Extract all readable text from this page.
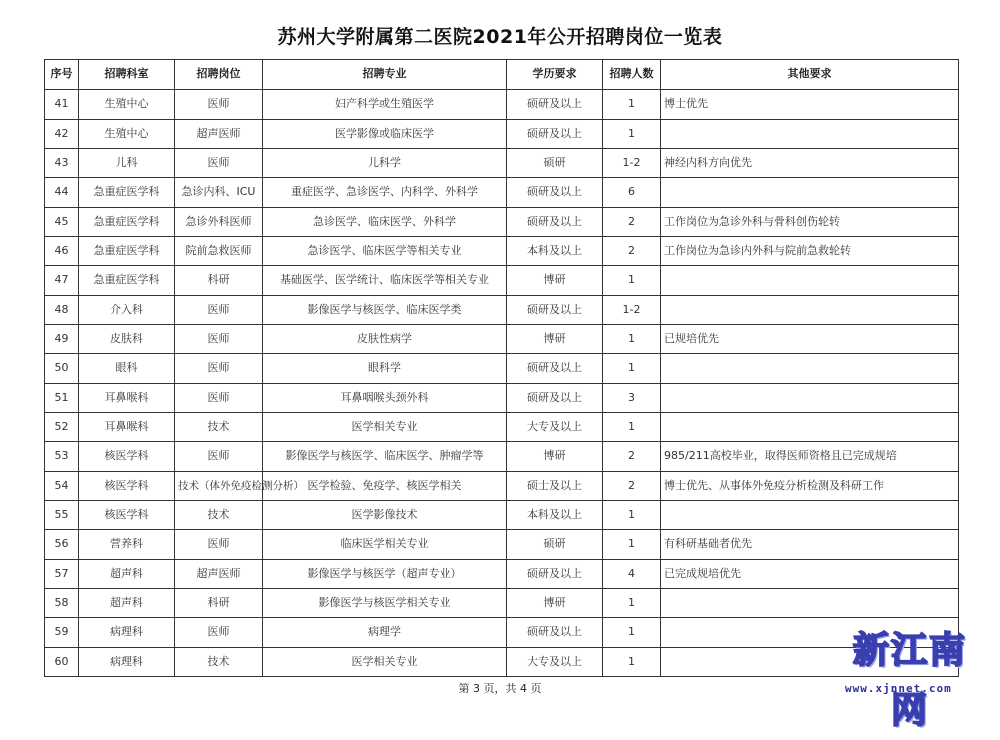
苏州大学附属第二医院2021年公开招聘岗位一览表
序号	招聘科室	招聘岗位	招聘专业	学历要求	招聘人数	其他要求
41	生殖中心	医师	妇产科学或生殖医学	硕研及以上	1	博士优先
42	生殖中心	超声医师	医学影像或临床医学	硕研及以上	1	
43	儿科	医师	儿科学	硕研	1-2	神经内科方向优先
44	急重症医学科	急诊内科、ICU	重症医学、急诊医学、内科学、外科学	硕研及以上	6	
45	急重症医学科	急诊外科医师	急诊医学、临床医学、外科学	硕研及以上	2	工作岗位为急诊外科与骨科创伤轮转
46	急重症医学科	院前急救医师	急诊医学、临床医学等相关专业	本科及以上	2	工作岗位为急诊内外科与院前急救轮转
47	急重症医学科	科研	基础医学、医学统计、临床医学等相关专业	博研	1	
48	介入科	医师	影像医学与核医学、临床医学类	硕研及以上	1-2	
49	皮肤科	医师	皮肤性病学	博研	1	已规培优先
50	眼科	医师	眼科学	硕研及以上	1	
51	耳鼻喉科	医师	耳鼻咽喉头颈外科	硕研及以上	3	
52	耳鼻喉科	技术	医学相关专业	大专及以上	1	
53	核医学科	医师	影像医学与核医学、临床医学、肿瘤学等	博研	2	985/211高校毕业，取得医师资格且已完成规培
54	核医学科	技术（体外免疫检测分析）	医学检验、免疫学、核医学相关	硕士及以上	2	博士优先、从事体外免疫分析检测及科研工作
55	核医学科	技术	医学影像技术	本科及以上	1	
56	营养科	医师	临床医学相关专业	硕研	1	有科研基础者优先
57	超声科	超声医师	影像医学与核医学（超声专业）	硕研及以上	4	已完成规培优先
58	超声科	科研	影像医学与核医学相关专业	博研	1	
59	病理科	医师	病理学	硕研及以上	1	
60	病理科	技术	医学相关专业	大专及以上	1	
第 3 页，共 4 页
新江南网
www.xjnnet.com
